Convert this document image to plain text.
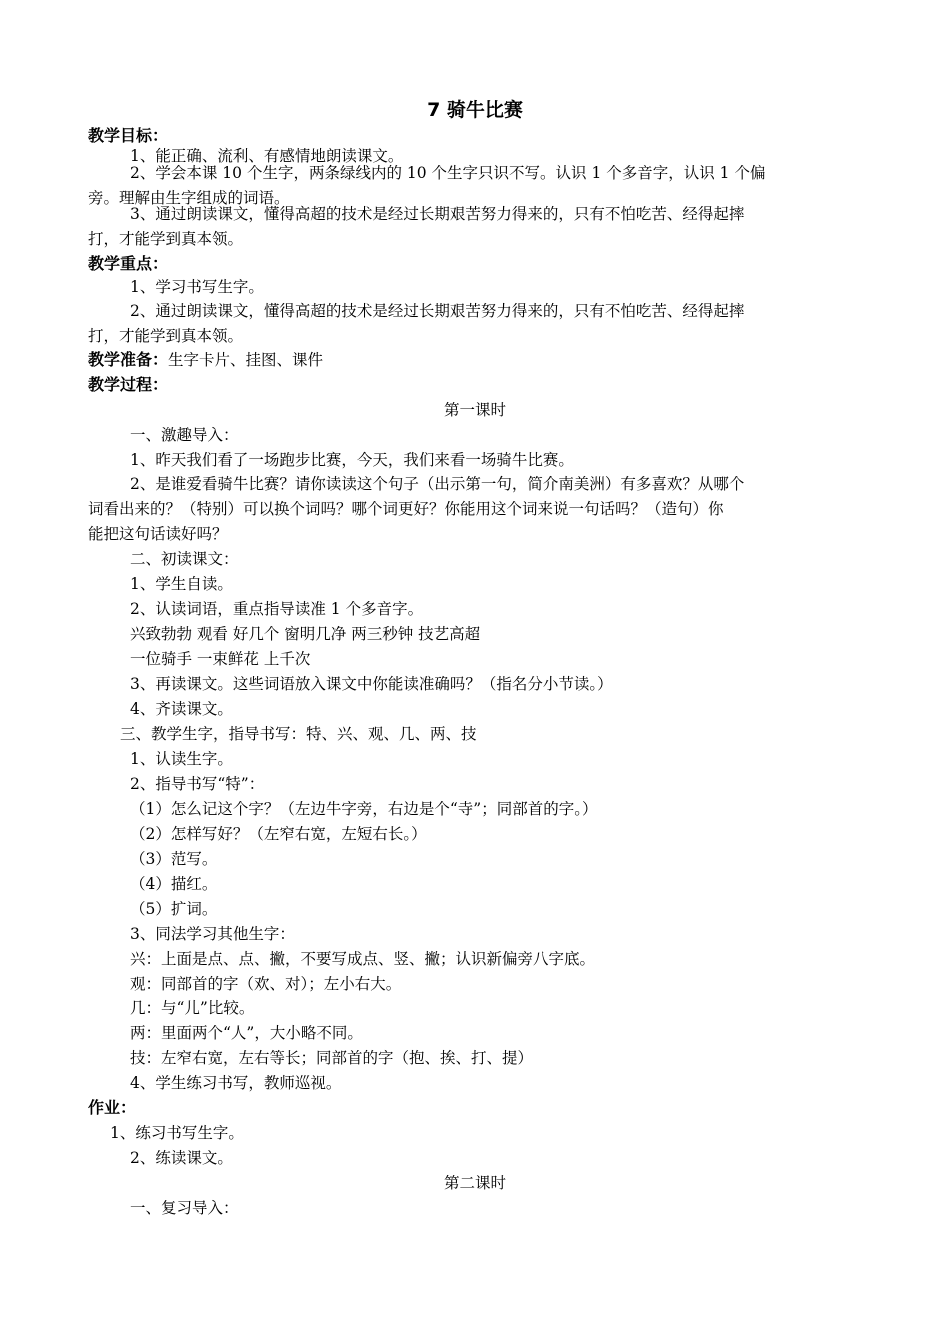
7 骑牛比赛
教学目标：
1、能正确、流利、有感情地朗读课文。
2、学会本课 10 个生字，两条绿线内的 10 个生字只识不写。认识 1 个多音字，认识 1 个偏
旁。理解由生字组成的词语。
3、通过朗读课文，懂得高超的技术是经过长期艰苦努力得来的，只有不怕吃苦、经得起摔
打，才能学到真本领。
教学重点：
1、学习书写生字。
2、通过朗读课文，懂得高超的技术是经过长期艰苦努力得来的，只有不怕吃苦、经得起摔
打，才能学到真本领。
教学准备：生字卡片、挂图、课件
教学过程：
第一课时
一、激趣导入：
1、昨天我们看了一场跑步比赛，今天，我们来看一场骑牛比赛。
2、是谁爱看骑牛比赛？请你读读这个句子（出示第一句，简介南美洲）有多喜欢？从哪个
词看出来的？（特别）可以换个词吗？哪个词更好？你能用这个词来说一句话吗？（造句）你
能把这句话读好吗？
二、初读课文：
1、学生自读。
2、认读词语，重点指导读准 1 个多音字。
兴致勃勃 观看 好几个 窗明几净 两三秒钟 技艺高超
一位骑手 一束鲜花 上千次
3、再读课文。这些词语放入课文中你能读准确吗？（指名分小节读。）
4、齐读课文。
三、教学生字，指导书写：特、兴、观、几、两、技
1、认读生字。
2、指导书写“特”：
（1）怎么记这个字？（左边牛字旁，右边是个“寺”；同部首的字。）
（2）怎样写好？（左窄右宽，左短右长。）
（3）范写。
（4）描红。
（5）扩词。
3、同法学习其他生字：
兴：上面是点、点、撇，不要写成点、竖、撇；认识新偏旁八字底。
观：同部首的字（欢、对）；左小右大。
几：与“儿”比较。
两：里面两个“人”，大小略不同。
技：左窄右宽，左右等长；同部首的字（抱、挨、打、提）
4、学生练习书写，教师巡视。
作业：
1、练习书写生字。
2、练读课文。
第二课时
一、复习导入：
